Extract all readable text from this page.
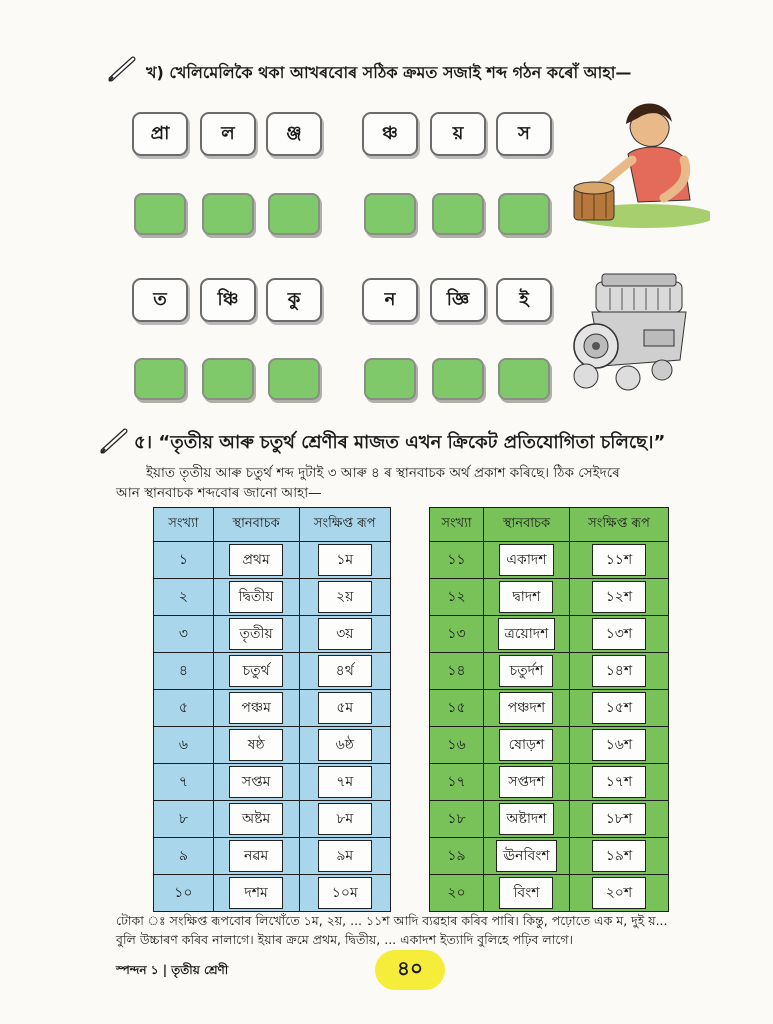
খ) খেলিমেলিকৈ থকা আখৰবোৰ সঠিক ক্ৰমত সজাই শব্দ গঠন কৰোঁ আহা—
প্ৰা	ল	ঞ্জ	ঞ্চ	য়	স
ত	ঞ্চি	কু	ন	জ্ঞি	ই
৫। “তৃতীয় আৰু চতুৰ্থ শ্ৰেণীৰ মাজত এখন ক্ৰিকেট প্ৰতিযোগিতা চলিছে।”
ইয়াত তৃতীয় আৰু চতুৰ্থ শব্দ দুটাই ৩ আৰু ৪ ৰ স্থানবাচক অৰ্থ প্ৰকাশ কৰিছে। ঠিক সেইদৰে
আন স্থানবাচক শব্দবোৰ জানো আহা—
সংখ্যা	স্থানবাচক	সংক্ষিপ্ত ৰূপ
১	প্ৰথম	১ম
২	দ্বিতীয়	২য়
৩	তৃতীয়	৩য়
৪	চতুৰ্থ	৪ৰ্থ
৫	পঞ্চম	৫ম
৬	ষষ্ঠ	৬ষ্ঠ
৭	সপ্তম	৭ম
৮	অষ্টম	৮ম
৯	নৱম	৯ম
১০	দশম	১০ম
সংখ্যা	স্থানবাচক	সংক্ষিপ্ত ৰূপ
১১	একাদশ	১১শ
১২	দ্বাদশ	১২শ
১৩	ত্ৰয়োদশ	১৩শ
১৪	চতুৰ্দশ	১৪শ
১৫	পঞ্চদশ	১৫শ
১৬	ষোড়শ	১৬শ
১৭	সপ্তদশ	১৭শ
১৮	অষ্টাদশ	১৮শ
১৯	ঊনবিংশ	১৯শ
২০	বিংশ	২০শ
টোকা ঃ সংক্ষিপ্ত ৰূপবোৰ লিখোঁতে ১ম, ২য়, ... ১১শ আদি ব্যৱহাৰ কৰিব পাৰি। কিন্তু, পঢ়োতে এক ম, দুই য়...
বুলি উচ্চাৰণ কৰিব নালাগে। ইয়াৰ ক্ৰমে প্ৰথম, দ্বিতীয়, ... একাদশ ইত্যাদি বুলিহে পঢ়িব লাগে।
স্পন্দন ১ | তৃতীয় শ্ৰেণী	৪০
